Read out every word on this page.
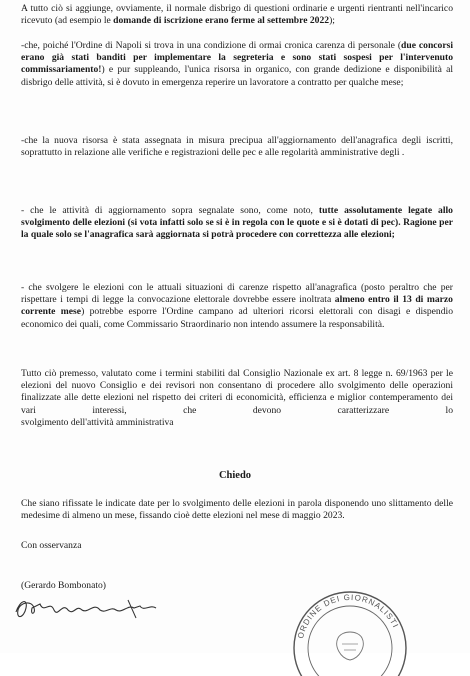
A tutto ciò si aggiunge, ovviamente, il normale disbrigo di questioni ordinarie e urgenti rientranti nell'incarico ricevuto (ad esempio le domande di iscrizione erano ferme al settembre 2022);

-che, poiché l'Ordine di Napoli si trova in una condizione di ormai cronica carenza di personale (due concorsi erano già stati banditi per implementare la segreteria e sono stati sospesi per l'intervenuto commissariamento!) e pur suppleando, l'unica risorsa in organico, con grande dedizione e disponibilità al disbrigo delle attività, si è dovuto in emergenza reperire un lavoratore a contratto per qualche mese;

-che la nuova risorsa è stata assegnata in misura precipua all'aggiornamento dell'anagrafica degli iscritti, soprattutto in relazione alle verifiche e registrazioni delle pec e alle regolarità amministrative degli .

- che le attività di aggiornamento sopra segnalate sono, come noto, tutte assolutamente legate allo svolgimento delle elezioni (si vota infatti solo se si è in regola con le quote e si è dotati di pec). Ragione per la quale solo se l'anagrafica sarà aggiornata si potrà procedere con correttezza alle elezioni;

- che svolgere le elezioni con le attuali situazioni di carenze rispetto all'anagrafica (posto peraltro che per rispettare i tempi di legge la convocazione elettorale dovrebbe essere inoltrata almeno entro il 13 di marzo corrente mese) potrebbe esporre l'Ordine campano ad ulteriori ricorsi elettorali con disagi e dispendio economico dei quali, come Commissario Straordinario non intendo assumere la responsabilità.

Tutto ciò premesso, valutato come i termini stabiliti dal Consiglio Nazionale ex art. 8 legge n. 69/1963 per le elezioni del nuovo Consiglio e dei revisori non consentano di procedere allo svolgimento delle operazioni finalizzate alle dette elezioni nel rispetto dei criteri di economicità, efficienza e miglior contemperamento dei vari interessi, che devono caratterizzare lo

svolgimento dell'attività amministrativa

Chiedo

Che siano rifissate le indicate date per lo svolgimento delle elezioni in parola disponendo uno slittamento delle medesime di almeno un mese, fissando cioè dette elezioni nel mese di maggio 2023.

Con osservanza

(Gerardo Bombonato)

ORDINE DEI GIORNALISTI
